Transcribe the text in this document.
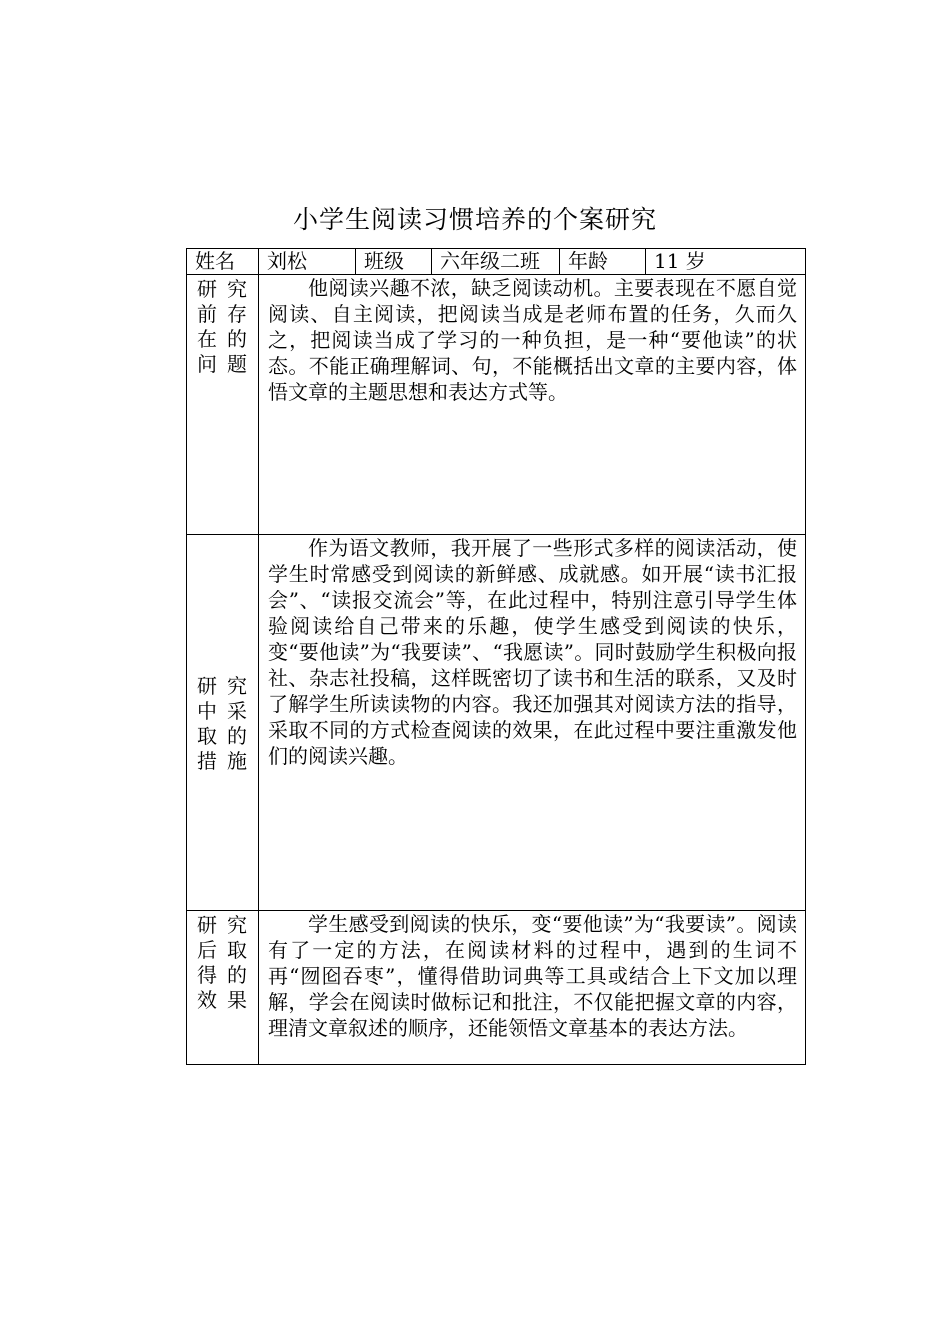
小学生阅读习惯培养的个案研究
姓名	刘松	班级	六年级二班	年龄	11 岁

研究前存在的问题	他阅读兴趣不浓，缺乏阅读动机。主要表现在不愿自觉阅读、自主阅读，把阅读当成是老师布置的任务，久而久之，把阅读当成了学习的一种负担，是一种“要他读”的状态。不能正确理解词、句，不能概括出文章的主要内容，体悟文章的主题思想和表达方式等。				

研究中采取的措施	作为语文教师，我开展了一些形式多样的阅读活动，使学生时常感受到阅读的新鲜感、成就感。如开展“读书汇报会”、“读报交流会”等，在此过程中，特别注意引导学生体验阅读给自己带来的乐趣，使学生感受到阅读的快乐，变“要他读”为“我要读”、“我愿读”。同时鼓励学生积极向报社、杂志社投稿，这样既密切了读书和生活的联系，又及时了解学生所读读物的内容。我还加强其对阅读方法的指导，采取不同的方式检查阅读的效果，在此过程中要注重激发他们的阅读兴趣。				

研究后取得的效果	学生感受到阅读的快乐，变“要他读”为“我要读”。阅读有了一定的方法，在阅读材料的过程中，遇到的生词不再“囫囵吞枣”，懂得借助词典等工具或结合上下文加以理解，学会在阅读时做标记和批注，不仅能把握文章的内容，理清文章叙述的顺序，还能领悟文章基本的表达方法。				
